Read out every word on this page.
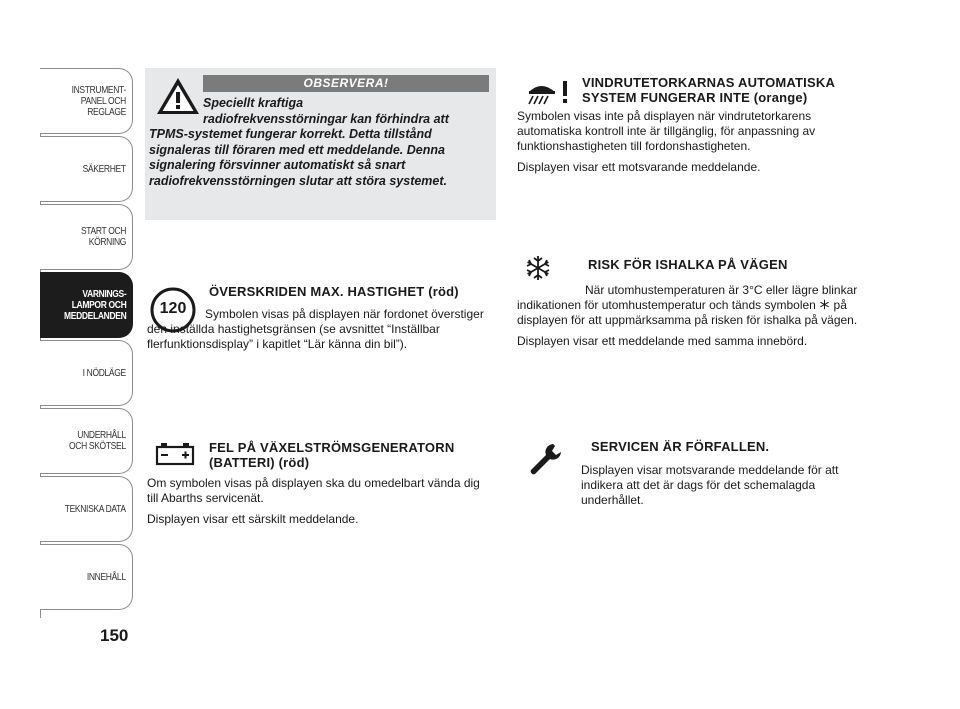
INSTRUMENT-
PANEL OCH
REGLAGE
SÄKERHET
START OCH
KÖRNING
VARNINGS-
LAMPOR OCH
MEDDELANDEN
I NÖDLÄGE
UNDERHÅLL
OCH SKÖTSEL
TEKNISKA DATA
INNEHÅLL
150
OBSERVERA!
Speciellt kraftiga
radiofrekvensstörningar kan förhindra att TPMS-systemet fungerar korrekt. Detta tillstånd signaleras till föraren med ett meddelande. Denna signalering försvinner automatiskt så snart radiofrekvensstörningen slutar att störa systemet.
120
ÖVERSKRIDEN MAX. HASTIGHET (röd)

Symbolen visas på displayen när fordonet överstiger den inställda hastighetsgränsen (se avsnittet “Inställbar flerfunktionsdisplay” i kapitlet “Lär känna din bil”).

FEL PÅ VÄXELSTRÖMSGENERATORN (BATTERI) (röd)

Om symbolen visas på displayen ska du omedelbart vända dig till Abarths servicenät.

Displayen visar ett särskilt meddelande.

VINDRUTETORKARNAS AUTOMATISKA SYSTEM FUNGERAR INTE (orange)

Symbolen visas inte på displayen när vindrutetorkarens automatiska kontroll inte är tillgänglig, för anpassning av funktionshastigheten till fordonshastigheten.

Displayen visar ett motsvarande meddelande.

RISK FÖR ISHALKA PÅ VÄGEN

När utomhustemperaturen är 3°C eller lägre blinkar indikationen för utomhustemperatur och tänds symbolen på displayen för att uppmärksamma på risken för ishalka på vägen.

Displayen visar ett meddelande med samma innebörd.

SERVICEN ÄR FÖRFALLEN.

Displayen visar motsvarande meddelande för att indikera att det är dags för det schemalagda underhållet.
